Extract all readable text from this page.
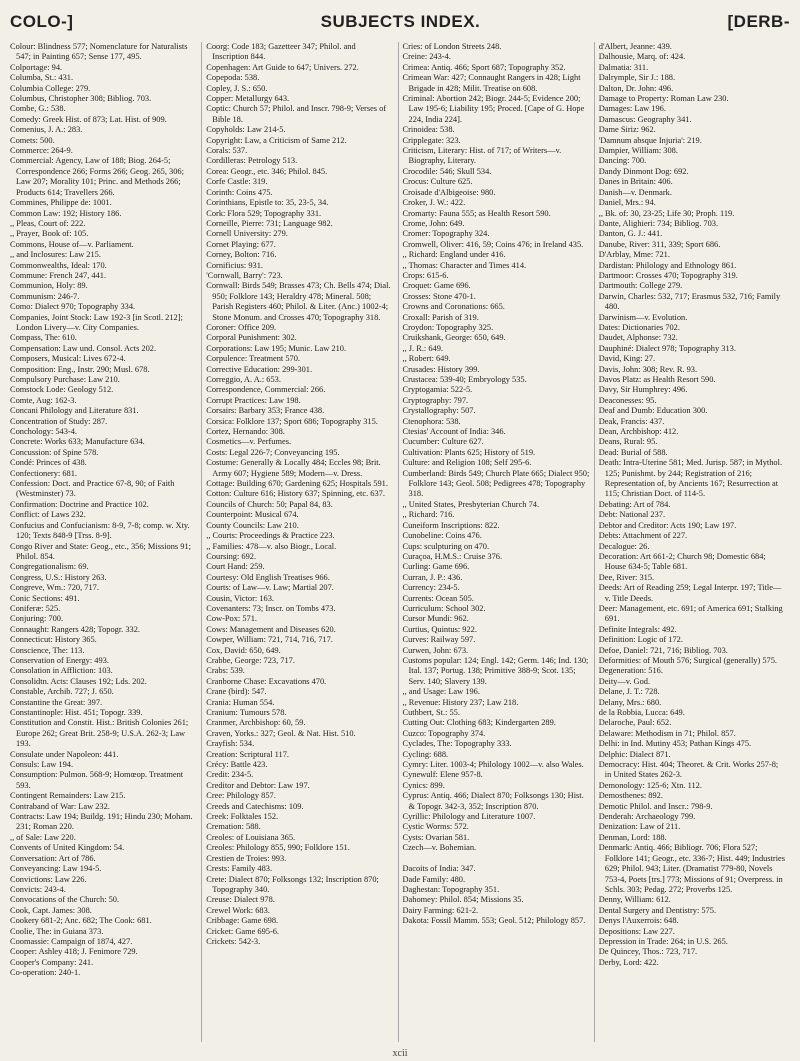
COLO-]	SUBJECTS INDEX.	[DERB-

Colour: Blindness 577; Nomenclature for Naturalists 547; in Painting 657; Sense 177, 495.

Colportage: 94.

Columba, St.: 431.

Columbia College: 279.

Columbus, Christopher 308; Bibliog. 703.

Combe, G.: 538.

Comedy: Greek Hist. of 873; Lat. Hist. of 909.

Comenius, J. A.: 283.

Comets: 500.

Commerce: 264-9.

Commercial: Agency, Law of 188; Biog. 264-5; Correspondence 266; Forms 266; Geog. 265, 306; Law 207; Morality 101; Princ. and Methods 266; Products 614; Travellers 266.

Commines, Philippe de: 1001.

Common Law: 192; History 186.

,, Pleas, Court of: 222.

,, Prayer, Book of: 105.

Commons, House of—v. Parliament.

,, and Inclosures: Law 215.

Commonwealths, Ideal: 170.

Commune: French 247, 441.

Communion, Holy: 89.

Communism: 246-7.

Como: Dialect 970; Topography 334.

Companies, Joint Stock: Law 192-3 [in Scotl. 212]; London Livery—v. City Companies.

Compass, The: 610.

Compensation: Law und. Consol. Acts 202.

Composers, Musical: Lives 672-4.

Composition: Eng., Instr. 290; Musl. 678.

Compulsory Purchase: Law 210.

Comstock Lode: Geology 512.

Comte, Aug: 162-3.

Concani Philology and Literature 831.

Concentration of Study: 287.

Conchology: 543-4.

Concrete: Works 633; Manufacture 634.

Concussion: of Spine 578.

Condé: Princes of 438.

Confectionery: 681.

Confession: Doct. and Practice 67-8, 90; of Faith (Westminster) 73.

Confirmation: Doctrine and Practice 102.

Conflict: of Laws 232.

Confucius and Confucianism: 8-9, 7-8; comp. w. Xty. 120; Texts 848-9 [Trss. 8-9].

Congo River and State: Geog., etc., 356; Missions 91; Philol. 854.

Congregationalism: 69.

Congress, U.S.: History 263.

Congreve, Wm.: 720, 717.

Conic Sections: 491.

Coniferæ: 525.

Conjuring: 700.

Connaught: Rangers 428; Topogr. 332.

Connecticut: History 365.

Conscience, The: 113.

Conservation of Energy: 493.

Consolation in Affliction: 103.

Consolidtn. Acts: Clauses 192; Lds. 202.

Constable, Archib. 727; J. 650.

Constantine the Great: 397.

Constantinople: Hist. 451; Topogr. 339.

Constitution and Constit. Hist.: British Colonies 261; Europe 262; Great Brit. 258-9; U.S.A. 262-3; Law 193.

Consulate under Napoleon: 441.

Consuls: Law 194.

Consumption: Pulmon. 568-9; Homœop. Treatment 593.

Contingent Remainders: Law 215.

Contraband of War: Law 232.

Contracts: Law 194; Buildg. 191; Hindu 230; Moham. 231; Roman 220.

,, of Sale: Law 220.

Convents of United Kingdom: 54.

Conversation: Art of 786.

Conveyancing: Law 194-5.

Convictions: Law 226.

Convicts: 243-4.

Convocations of the Church: 50.

Cook, Capt. James: 308.

Cookery 681-2; Anc. 682; The Cook: 681.

Coolie, The: in Guiana 373.

Coomassie: Campaign of 1874, 427.

Cooper: Ashley 418; J. Fenimore 729.

Cooper's Company: 241.

Co-operation: 240-1.

Coorg: Code 183; Gazetteer 347; Philol. and Inscription 844.

Copenhagen: Art Guide to 647; Univers. 272.

Copepoda: 538.

Copley, J. S.: 650.

Copper: Metallurgy 643.

Coptic: Church 57; Philol. and Inscr. 798-9; Verses of Bible 18.

Copyholds: Law 214-5.

Copyright: Law, a Criticism of Same 212.

Corals: 537.

Cordilleras: Petrology 513.

Corea: Geogr., etc. 346; Philol. 845.

Corfe Castle: 319.

Corinth: Coins 475.

Corinthians, Epistle to: 35, 23-5, 34.

Cork: Flora 529; Topography 331.

Corneille, Pierre: 731; Language 982.

Cornell University: 279.

Cornet Playing: 677.

Corney, Bolton: 716.

Cornificius: 931.

'Cornwall, Barry': 723.

Cornwall: Birds 549; Brasses 473; Ch. Bells 474; Dial. 950; Folklore 143; Heraldry 478; Mineral. 508; Parish Registers 460; Philol. & Liter. (Anc.) 1002-4; Stone Monum. and Crosses 470; Topography 318.

Coroner: Office 209.

Corporal Punishment: 302.

Corporations: Law 195; Munic. Law 210.

Corpulence: Treatment 570.

Corrective Education: 299-301.

Correggio, A. A.: 653.

Correspondence, Commercial: 266.

Corrupt Practices: Law 198.

Corsairs: Barbary 353; France 438.

Corsica: Folklore 137; Sport 686; Topography 315.

Cortez, Hernando: 308.

Cosmetics—v. Perfumes.

Costs: Legal 226-7; Conveyancing 195.

Costume: Generally & Locally 484; Eccles 98; Brit. Army 607; Hygiene 589; Modern—v. Dress.

Cottage: Building 670; Gardening 625; Hospitals 591.

Cotton: Culture 616; History 637; Spinning, etc. 637.

Councils of Church: 50; Papal 84, 83.

Counterpoint: Musical 674.

County Councils: Law 210.

,, Courts: Proceedings & Practice 223.

,, Families: 478—v. also Biogr., Local.

Coursing: 692.

Court Hand: 259.

Courtesy: Old English Treatises 966.

Courts: of Law—v. Law; Martial 207.

Cousin, Victor: 163.

Covenanters: 73; Inscr. on Tombs 473.

Cow-Pox: 571.

Cows: Management and Diseases 620.

Cowper, William: 721, 714, 716, 717.

Cox, David: 650, 649.

Crabbe, George: 723, 717.

Crabs: 539.

Cranborne Chase: Excavations 470.

Crane (bird): 547.

Crania: Human 554.

Cranium: Tumours 578.

Cranmer, Archbishop: 60, 59.

Craven, Yorks.: 327; Geol. & Nat. Hist. 510.

Crayfish: 534.

Creation: Scriptural 117.

Crécy: Battle 423.

Credit: 234-5.

Creditor and Debtor: Law 197.

Cree: Philology 857.

Creeds and Catechisms: 109.

Creek: Folktales 152.

Cremation: 588.

Creoles: of Louisiana 365.

Creoles: Philology 855, 990; Folklore 151.

Crestien de Troies: 993.

Crests: Family 483.

Crete: Dialect 870; Folksongs 132; Inscription 870; Topography 340.

Creuse: Dialect 978.

Crewel Work: 683.

Cribbage: Game 698.

Cricket: Game 695-6.

Crickets: 542-3.

Cries: of London Streets 248.

Creine: 243-4.

Crimea: Antiq. 466; Sport 687; Topography 352.

Crimean War: 427; Connaught Rangers in 428; Light Brigade in 428; Milit. Treatise on 608.

Criminal: Abortion 242; Biogr. 244-5; Evidence 200; Law 195-6; Liability 195; Proced. [Cape of G. Hope 224, India 224].

Crinoidea: 538.

Cripplegate: 323.

Criticism, Literary: Hist. of 717; of Writers—v. Biography, Literary.

Crocodile: 546; Skull 534.

Crocus: Culture 625.

Croisade d'Albigeoise: 980.

Croker, J. W.: 422.

Cromarty: Fauna 555; as Health Resort 590.

Crome, John: 649.

Cromer: Topography 324.

Cromwell, Oliver: 416, 59; Coins 476; in Ireland 435.

,, Richard: England under 416.

,, Thomas: Character and Times 414.

Crops: 615-6.

Croquet: Game 696.

Crosses: Stone 470-1.

Crowns and Coronations: 665.

Croxall: Parish of 319.

Croydon: Topography 325.

Cruikshank, George: 650, 649.

,, J. R.: 649.

,, Robert: 649.

Crusades: History 399.

Crustacea: 539-40; Embryology 535.

Cryptogamia: 522-5.

Cryptography: 797.

Crystallography: 507.

Ctenophora: 538.

Ctesias' Account of India: 346.

Cucumber: Culture 627.

Cultivation: Plants 625; History of 519.

Culture: and Religion 108; Self 295-6.

Cumberland: Birds 549; Church Plate 665; Dialect 950; Folklore 143; Geol. 508; Pedigrees 478; Topography 318.

,, United States, Presbyterian Church 74.

,, Richard: 716.

Cuneiform Inscriptions: 822.

Cunobeline: Coins 476.

Cups: sculpturing on 470.

Curaçoa, H.M.S.: Cruise 376.

Curling: Game 696.

Curran, J. P.: 436.

Currency: 234-5.

Currents: Ocean 505.

Curriculum: School 302.

Cursor Mundi: 962.

Curtius, Quintus: 922.

Curves: Railway 597.

Curwen, John: 673.

Customs popular: 124; Engl. 142; Germ. 146; Ind. 130; Ital. 137; Portug. 138; Primitive 388-9; Scot. 135; Serv. 140; Slavery 139.

,, and Usage: Law 196.

,, Revenue: History 237; Law 218.

Cuthbert, St.: 55.

Cutting Out: Clothing 683; Kindergarten 289.

Cuzco: Topography 374.

Cyclades, The: Topography 333.

Cycling: 688.

Cymry: Liter. 1003-4; Philology 1002—v. also Wales.

Cynewulf: Elene 957-8.

Cynics: 899.

Cyprus: Antiq. 466; Dialect 870; Folksongs 130; Hist. & Topogr. 342-3, 352; Inscription 870.

Cyrillic: Philology and Literature 1007.

Cystic Worms: 572.

Cysts: Ovarian 581.

Czech—v. Bohemian.

Dacoits of India: 347.

Dade Family: 480.

Daghestan: Topography 351.

Dahomey: Philol. 854; Missions 35.

Dairy Farming: 621-2.

Dakota: Fossil Mamm. 553; Geol. 512; Philology 857.

d'Albert, Jeanne: 439.

Dalhousie, Marq. of: 424.

Dalmatia: 311.

Dalrymple, Sir J.: 188.

Dalton, Dr. John: 496.

Damage to Property: Roman Law 230.

Damages: Law 196.

Damascus: Geography 341.

Dame Siriz: 962.

'Damnum absque Injuria': 219.

Dampier, William: 308.

Dancing: 700.

Dandy Dinmont Dog: 692.

Danes in Britain: 406.

Danish—v. Denmark.

Daniel, Mrs.: 94.

,, Bk. of: 30, 23-25; Life 30; Proph. 119.

Dante, Alighieri: 734; Bibliog. 703.

Danton, G. J.: 441.

Danube, River: 311, 339; Sport 686.

D'Arblay, Mme: 721.

Dardistan: Philology and Ethnology 861.

Dartmoor: Crosses 470; Topography 319.

Dartmouth: College 279.

Darwin, Charles: 532, 717; Erasmus 532, 716; Family 480.

Darwinism—v. Evolution.

Dates: Dictionaries 702.

Daudet, Alphonse: 732.

Dauphiné: Dialect 978; Topography 313.

David, King: 27.

Davis, John: 308; Rev. R. 93.

Davos Platz: as Health Resort 590.

Davy, Sir Humphrey: 496.

Deaconesses: 95.

Deaf and Dumb: Education 300.

Deak, Francis: 437.

Dean, Archbishop: 412.

Deans, Rural: 95.

Dead: Burial of 588.

Death: Intra-Uterine 581; Med. Jurisp. 587; in Mythol. 125; Punishmt. by 244; Registration of 216; Representation of, by Ancients 167; Resurrection at 115; Christian Doct. of 114-5.

Debating: Art of 784.

Debt: National 237.

Debtor and Creditor: Acts 190; Law 197.

Debts: Attachment of 227.

Decalogue: 26.

Decoration: Art 661-2; Church 98; Domestic 684; House 634-5; Table 681.

Dee, River: 315.

Deeds: Art of Reading 259; Legal Interpr. 197; Title—v. Title Deeds.

Deer: Management, etc. 691; of America 691; Stalking 691.

Definite Integrals: 492.

Definition: Logic of 172.

Defoe, Daniel: 721, 716; Bibliog. 703.

Deformities: of Mouth 576; Surgical (generally) 575.

Degeneration: 516.

Deity—v. God.

Delane, J. T.: 728.

Delany, Mrs.: 680.

de la Robbia, Lucca: 649.

Delaroche, Paul: 652.

Delaware: Methodism in 71; Philol. 857.

Delhi: in Ind. Mutiny 453; Pathan Kings 475.

Delphic: Dialect 871.

Democracy: Hist. 404; Theoret. & Crit. Works 257-8; in United States 262-3.

Demonology: 125-6; Xtn. 112.

Demosthenes: 892.

Demotic Philol. and Inscr.: 798-9.

Denderah: Archaeology 799.

Denization: Law of 211.

Denman, Lord: 188.

Denmark: Antiq. 466; Bibliogr. 706; Flora 527; Folklore 141; Geogr., etc. 336-7; Hist. 449; Industries 629; Philol. 943; Liter. (Dramatist 779-80, Novels 753-4, Poets [trs.] 773; Missions of 91; Overpress. in Schls. 303; Pedag. 272; Proverbs 125.

Denny, William: 612.

Dental Surgery and Dentistry: 575.

Denys l'Auxerrois: 648.

Depositions: Law 227.

Depression in Trade: 264; in U.S. 265.

De Quincey, Thos.: 723, 717.

Derby, Lord: 422.

xcii
